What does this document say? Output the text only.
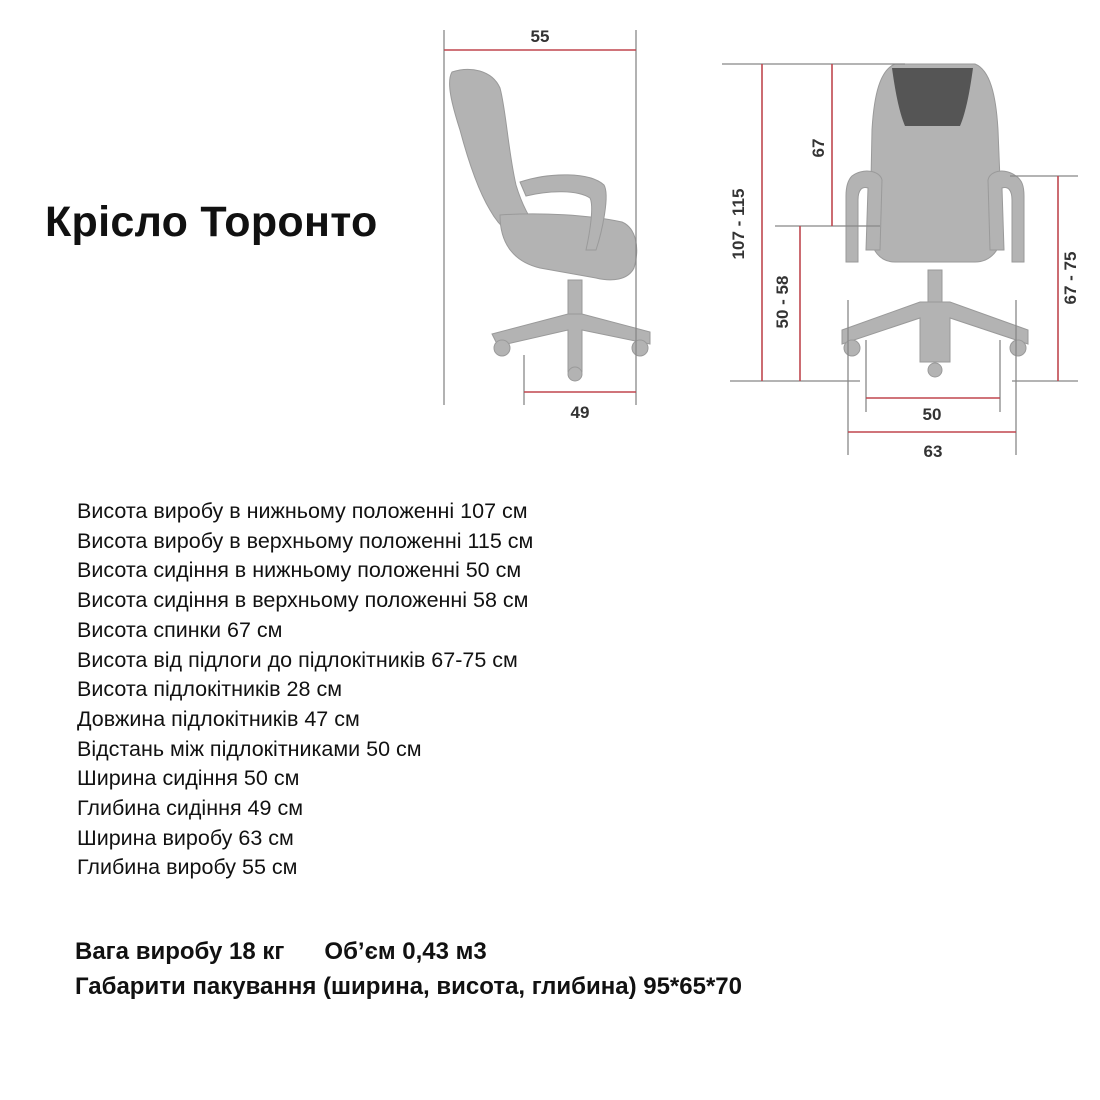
Крісло Торонто
55
49
107 - 115
67
50 - 58	67 - 75
50
63
Висота виробу в нижньому положенні 107 см
Висота виробу в верхньому положенні 115 см
Висота сидіння в нижньому положенні 50 см
Висота сидіння в верхньому положенні 58 см
Висота спинки 67 см
Висота від підлоги до підлокітників 67-75 см
Висота підлокітників 28 см
Довжина підлокітників 47 см
Відстань між підлокітниками 50 см
Ширина сидіння 50 см
Глибина сидіння 49 см
Ширина виробу 63 см
Глибина виробу 55 см
Вага виробу 18 кг Об’єм 0,43 м3
Габарити пакування (ширина, висота, глибина) 95*65*70
